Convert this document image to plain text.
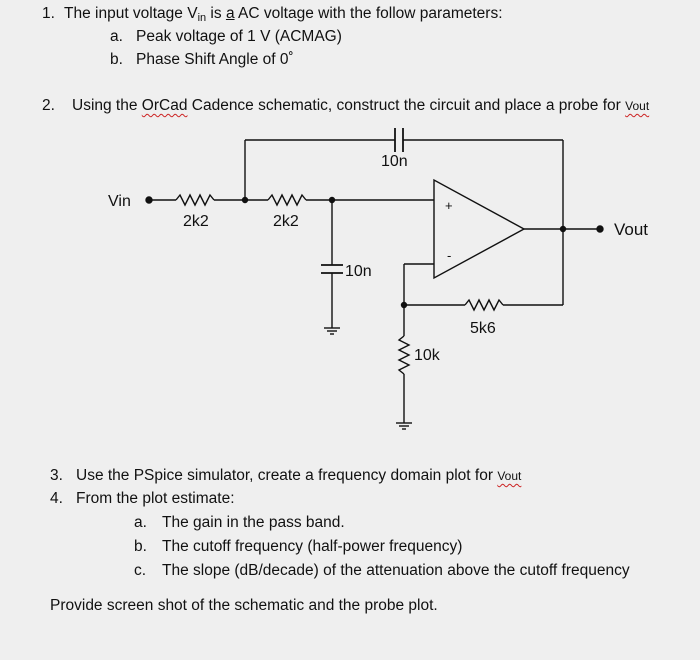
1. The input voltage Vin is a AC voltage with the follow parameters:
a. Peak voltage of 1 V (ACMAG)
b. Phase Shift Angle of 0˚
2. Using the OrCad Cadence schematic, construct the circuit and place a probe for Vout
Vin
2k2	2k2
10n
10n
10k
5k6
Vout
+
-
3. Use the PSpice simulator, create a frequency domain plot for Vout
4. From the plot estimate:
a. The gain in the pass band.
b. The cutoff frequency (half-power frequency)
c. The slope (dB/decade) of the attenuation above the cutoff frequency
Provide screen shot of the schematic and the probe plot.
